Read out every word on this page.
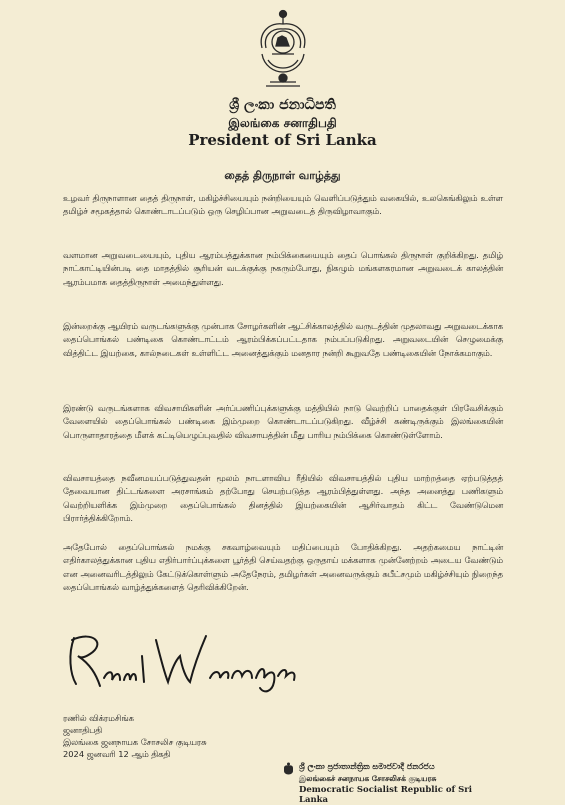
ශ්‍රී ලංකා ජනාධිපති
இலங்கை சனாதிபதி
President of Sri Lanka
தைத் திருநாள் வாழ்த்து

உழவர் திருநாளான தைத் திருநாள், மகிழ்ச்சியையும் நன்றியையும் வெளிப்படுத்தும் வகையில், உலகெங்கிலும் உள்ள தமிழ்ச் சமூகத்தால் கொண்டாடப்படும் ஒரு செழிப்பான அறுவடைத் திருவிழாவாகும்.

வளமான அறுவடையையும், புதிய ஆரம்பத்துக்கான நம்பிக்கையையும் தைப் பொங்கல் திருநாள் குறிக்கிறது. தமிழ் நாட்காட்டியின்படி தை மாதத்தில் சூரியன் வடக்குக்கு நகரும்போது, நிகழும் மங்களகரமான அறுவடைக் காலத்தின் ஆரம்பமாக தைத்திருநாள் அமைந்துள்ளது.

இன்றைக்கு ஆயிரம் வருடங்களுக்கு முன்பாக சோழர்களின் ஆட்சிக்காலத்தில் வருடத்தின் முதலாவது அறுவடைக்காக தைப்பொங்கல் பண்டிகை கொண்டாட்டம் ஆரம்பிக்கப்பட்டதாக நம்பப்படுகிறது. அறுவடையின் செழுமைக்கு வித்திட்ட இயற்கை, கால்நடைகள் உள்ளிட்ட அனைத்துக்கும் மனதார நன்றி கூறுவதே பண்டிகையின் நோக்கமாகும்.

இரண்டு வருடங்களாக விவசாயிகளின் அர்ப்பணிப்புக்களுக்கு மத்தியில் நாடு வெற்றிப் பாதைக்குள் பிரவேசிக்கும் வேளையில் தைப்பொங்கல் பண்டிகை இம்முறை கொண்டாடப்படுகிறது. வீழ்ச்சி கண்டிருக்கும் இலங்கையின் பொருளாதாரத்தை மீளக் கட்டியெழுப்புவதில் விவசாயத்தின் மீது பாரிய நம்பிக்கை கொண்டுள்ளோம்.

விவசாயத்தை நவீனமயப்படுத்துவதன் மூலம் நாடளாவிய ரீதியில் விவசாயத்தில் புதிய மாற்றத்தை ஏற்படுத்தத் தேவையான திட்டங்களை அரசாங்கம் தற்போது செயற்படுத்த ஆரம்பித்துள்ளது. அந்த அனைத்து பணிகளும் வெற்றியளிக்க இம்முறை தைப்பொங்கல் தினத்தில் இயற்கையின் ஆசிர்வாதம் கிட்ட வேண்டுமென பிரார்த்திக்கிறோம்.

அதேபோல் தைப்பொங்கல் நமக்கு சகவாழ்வையும் மதிப்பையும் போதிக்கிறது. அதற்கமைய நாட்டின் எதிர்காலத்துக்கான புதிய எதிர்பார்ப்புக்களை பூர்த்தி செய்வதற்கு ஒருதாய் மக்களாக முன்னேற்றம் அடைய வேண்டும் என அனைவரிடத்திலும் கேட்டுக்கொள்ளும் அதேநேரம், தமிழர்கள் அனைவருக்கும் சுபீட்சமும் மகிழ்ச்சியும் நிறைந்த தைப்பொங்கல் வாழ்த்துக்களைத் தெரிவிக்கிறேன்.

ரணில் விக்ரமசிங்க
ஜனாதிபதி
இலங்கை ஜனநாயக சோசலிச குடியரசு
2024 ஜனவரி 12 ஆம் திகதி
ශ්‍රී ලංකා ප්‍රජාතාන්ත්‍රික සමාජවාදී ජනරජය
இலங்கைச் சனநாயக சோசலிசக் குடியரசு
Democratic Socialist Republic of Sri Lanka
